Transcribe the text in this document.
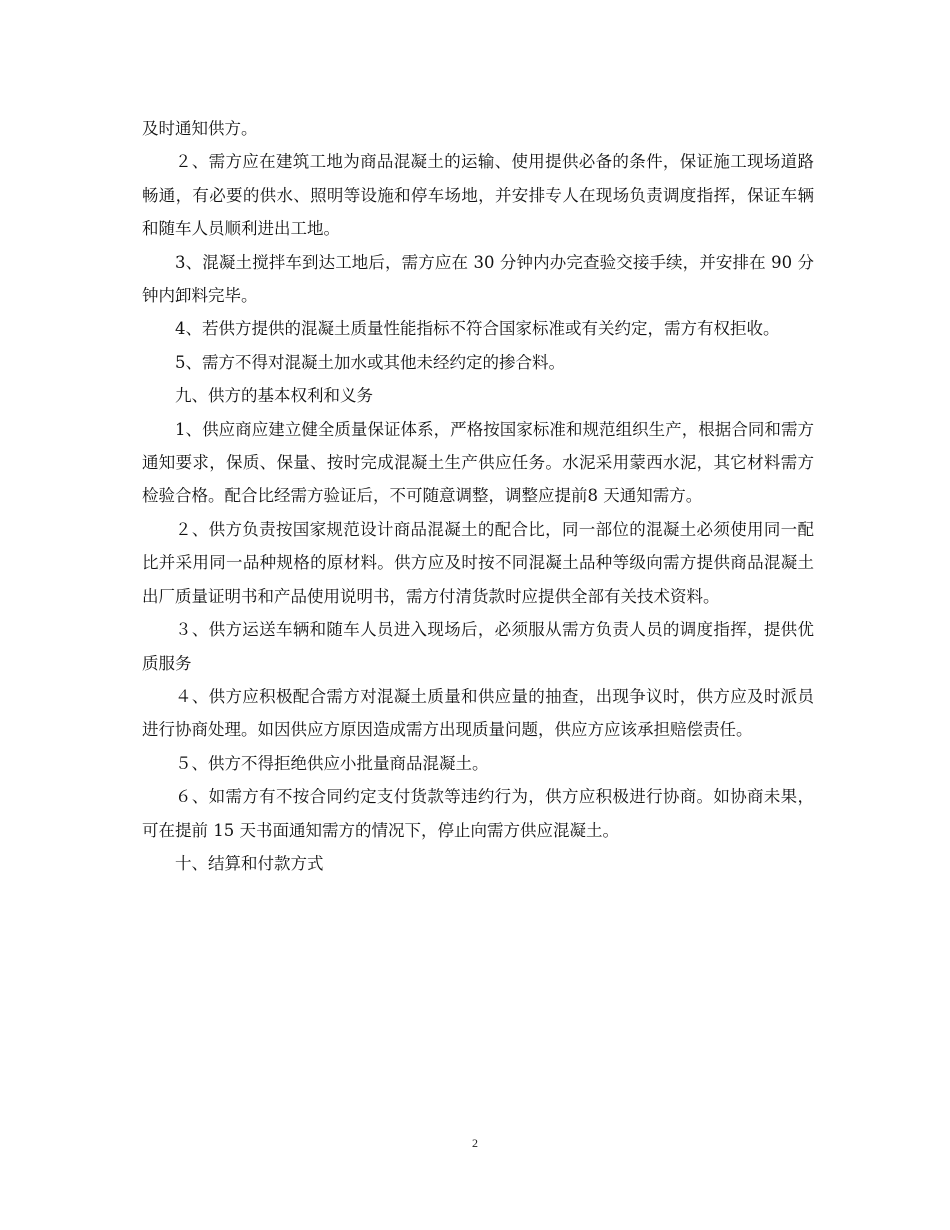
及时通知供方。

２、需方应在建筑工地为商品混凝土的运输、使用提供必备的条件，保证施工现场道路畅通，有必要的供水、照明等设施和停车场地，并安排专人在现场负责调度指挥，保证车辆和随车人员顺利进出工地。

3、混凝土搅拌车到达工地后，需方应在 30 分钟内办完查验交接手续，并安排在 90 分钟内卸料完毕。

4、若供方提供的混凝土质量性能指标不符合国家标准或有关约定，需方有权拒收。

5、需方不得对混凝土加水或其他未经约定的掺合料。

九、供方的基本权利和义务

1、供应商应建立健全质量保证体系，严格按国家标准和规范组织生产，根据合同和需方通知要求，保质、保量、按时完成混凝土生产供应任务。水泥采用蒙西水泥，其它材料需方检验合格。配合比经需方验证后，不可随意调整，调整应提前8 天通知需方。

２、供方负责按国家规范设计商品混凝土的配合比，同一部位的混凝土必须使用同一配比并采用同一品种规格的原材料。供方应及时按不同混凝土品种等级向需方提供商品混凝土出厂质量证明书和产品使用说明书，需方付清货款时应提供全部有关技术资料。

３、供方运送车辆和随车人员进入现场后，必须服从需方负责人员的调度指挥，提供优质服务

４、供方应积极配合需方对混凝土质量和供应量的抽查，出现争议时，供方应及时派员进行协商处理。如因供应方原因造成需方出现质量问题，供应方应该承担赔偿责任。

５、供方不得拒绝供应小批量商品混凝土。

６、如需方有不按合同约定支付货款等违约行为，供方应积极进行协商。如协商未果，可在提前 15 天书面通知需方的情况下，停止向需方供应混凝土。

十、结算和付款方式

2
